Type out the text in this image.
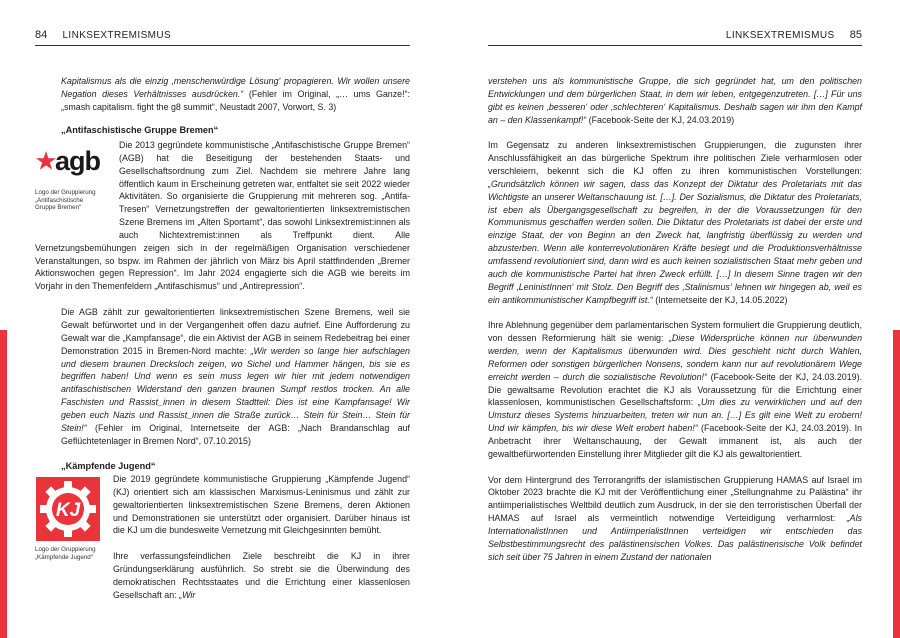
84 LINKSEXTREMISMUS

Kapitalismus als die einzig ‚menschenwürdige Lösung‘ propagieren. Wir wollen unsere Negation dieses Verhältnisses ausdrücken.“ (Fehler im Original, „… ums Ganze!“: „smash capitalism. fight the g8 summit“, Neustadt 2007, Vorwort, S. 3)

„Antifaschistische Gruppe Bremen“
agb
Logo der Gruppierung
„Antifaschistische
Gruppe Bremen“

Die 2013 gegründete kommunistische „Antifaschistische Gruppe Bremen“ (AGB) hat die Beseitigung der bestehenden Staats- und Gesellschaftsordnung zum Ziel. Nachdem sie mehrere Jahre lang öffentlich kaum in Erscheinung getreten war, entfaltet sie seit 2022 wieder Aktivitäten. So organisierte die Gruppierung mit mehreren sog. „Antifa-Tresen“ Vernetzungstreffen der gewaltorientierten linksextremistischen Szene Bremens im „Alten Sportamt“, das sowohl Linksextremist:innen als auch Nichtextremist:innen als Treffpunkt dient. Alle Vernetzungsbemühungen zeigen sich in der regelmäßigen Organisation verschiedener Veranstaltungen, so bspw. im Rahmen der jährlich von März bis April stattfindenden „Bremer Aktionswochen gegen Repression“. Im Jahr 2024 engagierte sich die AGB wie bereits im Vorjahr in den Themenfeldern „Antifaschismus“ und „Antirepression“.

Die AGB zählt zur gewaltorientierten linksextremistischen Szene Bremens, weil sie Gewalt befürwortet und in der Vergangenheit offen dazu aufrief. Eine Aufforderung zu Gewalt war die „Kampfansage“, die ein Aktivist der AGB in seinem Redebeitrag bei einer Demonstration 2015 in Bremen-Nord machte: „Wir werden so lange hier aufschlagen und diesem braunen Drecksloch zeigen, wo Sichel und Hammer hängen, bis sie es begriffen haben! Und wenn es sein muss legen wir hier mit jedem notwendigen antifaschistischen Widerstand den ganzen braunen Sumpf restlos trocken. An alle Faschisten und Rassist_innen in diesem Stadtteil: Dies ist eine Kampfansage! Wir geben euch Nazis und Rassist_innen die Straße zurück… Stein für Stein… Stein für Stein!“ (Fehler im Original, Internetseite der AGB: „Nach Brandanschlag auf Geflüchtetenlager in Bremen Nord“, 07.10.2015)

„Kämpfende Jugend“
KJ
Logo der Gruppierung
„Kämpfende Jugend“

Die 2019 gegründete kommunistische Gruppierung „Kämpfende Jugend“ (KJ) orientiert sich am klassischen Marxismus-Leninismus und zählt zur gewaltorientierten linksextremistischen Szene Bremens, deren Aktionen und Demonstrationen sie unterstützt oder organisiert. Darüber hinaus ist die KJ um die bundesweite Vernetzung mit Gleichgesinnten bemüht.

Ihre verfassungsfeindlichen Ziele beschreibt die KJ in ihrer Gründungserklärung ausführlich. So strebt sie die Überwindung des demokratischen Rechtsstaates und die Errichtung einer klassenlosen Gesellschaft an: „Wir

LINKSEXTREMISMUS 85

verstehen uns als kommunistische Gruppe, die sich gegründet hat, um den politischen Entwicklungen und dem bürgerlichen Staat, in dem wir leben, entgegenzutreten. […] Für uns gibt es keinen ‚besseren‘ oder ‚schlechteren‘ Kapitalismus. Deshalb sagen wir ihm den Kampf an – den Klassenkampf!“ (Facebook-Seite der KJ, 24.03.2019)

Im Gegensatz zu anderen linksextremistischen Gruppierungen, die zugunsten ihrer Anschlussfähigkeit an das bürgerliche Spektrum ihre politischen Ziele verharmlosen oder verschleiern, bekennt sich die KJ offen zu ihren kommunistischen Vorstellungen: „Grundsätzlich können wir sagen, dass das Konzept der Diktatur des Proletariats mit das Wichtigste an unserer Weltanschauung ist. […]. Der Sozialismus, die Diktatur des Proletariats, ist eben als Übergangsgesellschaft zu begreifen, in der die Voraussetzungen für den Kommunismus geschaffen werden sollen. Die Diktatur des Proletariats ist dabei der erste und einzige Staat, der von Beginn an den Zweck hat, langfristig überflüssig zu werden und abzusterben. Wenn alle konterrevolutionären Kräfte besiegt und die Produktionsverhältnisse umfassend revolutioniert sind, dann wird es auch keinen sozialistischen Staat mehr geben und auch die kommunistische Partei hat ihren Zweck erfüllt. […] In diesem Sinne tragen wir den Begriff ‚LeninistInnen‘ mit Stolz. Den Begriff des ‚Stalinismus‘ lehnen wir hingegen ab, weil es ein antikommunistischer Kampfbegriff ist.“ (Internetseite der KJ, 14.05.2022)

Ihre Ablehnung gegenüber dem parlamentarischen System formuliert die Gruppierung deutlich, von dessen Reformierung hält sie wenig: „Diese Widersprüche können nur überwunden werden, wenn der Kapitalismus überwunden wird. Dies geschieht nicht durch Wahlen, Reformen oder sonstigen bürgerlichen Nonsens, sondern kann nur auf revolutionärem Wege erreicht werden – durch die sozialistische Revolution!“ (Facebook-Seite der KJ, 24.03.2019). Die gewaltsame Revolution erachtet die KJ als Voraussetzung für die Errichtung einer klassenlosen, kommunistischen Gesellschaftsform: „Um dies zu verwirklichen und auf den Umsturz dieses Systems hinzuarbeiten, treten wir nun an. […] Es gilt eine Welt zu erobern! Und wir kämpfen, bis wir diese Welt erobert haben!“ (Facebook-Seite der KJ, 24.03.2019). In Anbetracht ihrer Weltanschauung, der Gewalt immanent ist, als auch der gewaltbefürwortenden Einstellung ihrer Mitglieder gilt die KJ als gewaltorientiert.

Vor dem Hintergrund des Terrorangriffs der islamistischen Gruppierung HAMAS auf Israel im Oktober 2023 brachte die KJ mit der Veröffentlichung einer „Stellungnahme zu Palästina“ ihr antiimperialistisches Weltbild deutlich zum Ausdruck, in der sie den terroristischen Überfall der HAMAS auf Israel als vermeintlich notwendige Verteidigung verharmlost: „Als InternationalistInnen und AntiimperialistInnen verteidigen wir entschieden das Selbstbestimmungsrecht des palästinensischen Volkes. Das palästinensische Volk befindet sich seit über 75 Jahren in einem Zustand der nationalen
